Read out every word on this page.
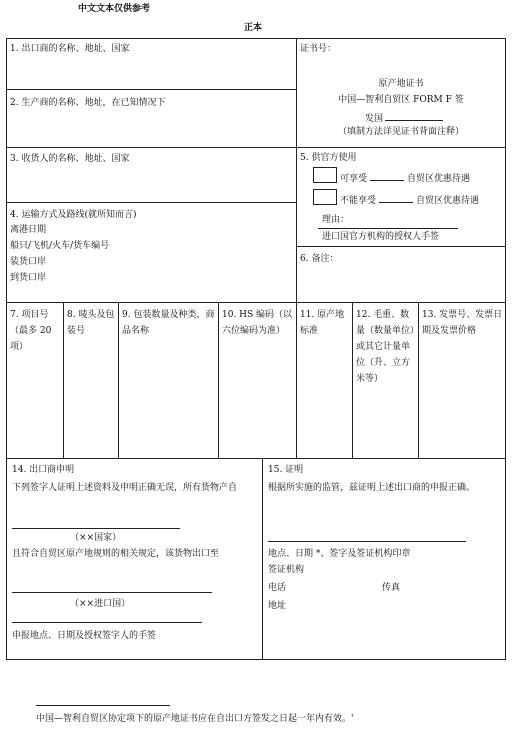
中文文本仅供参考
正本
1. 出口商的名称、地址、国家
2. 生产商的名称、地址，在已知情况下
3. 收货人的名称、地址、国家
4. 运输方式及路线(就所知而言)
离港日期
船只/飞机/火车/货车编号
装货口岸
到货口岸
证书号：
原产地证书
中国—智利自贸区 FORM F 签
发国
（填制方法详见证书背面注释）
5. 供官方使用
可享受	自贸区优惠待遇
不能享受	自贸区优惠待遇
理由：
进口国官方机构的授权人手签
6. 备注：
7. 项目号（最多 20 项）
8. 唛头及包装号
9. 包装数量及种类，商品名称
10. HS 编码（以六位编码为准）
11. 原产地标准
12. 毛重、数量（数量单位）或其它计量单位（升、立方米等）
13. 发票号、发票日期及发票价格
14. 出口商申明
下列签字人证明上述资料及申明正确无误，所有货物产自
（××国家）
且符合自贸区原产地规则的相关规定，该货物出口至
（××进口国）
申报地点、日期及授权签字人的手签
15. 证明
根据所实施的监管，兹证明上述出口商的申报正确。
地点、日期 *、签字及签证机构印章
签证机构
电话	传真
地址
中国—智利自贸区协定项下的原产地证书应在自出口方签发之日起一年内有效。'
